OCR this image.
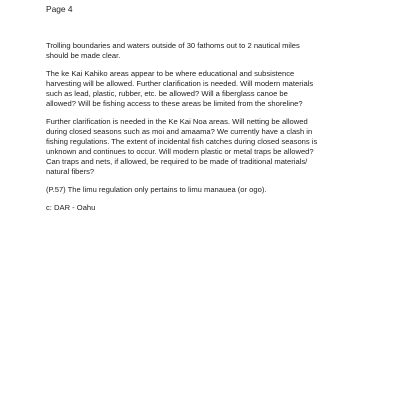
Page 4
Trolling boundaries and waters outside of 30 fathoms out to 2 nautical miles
should be made clear.
The ke Kai Kahiko areas appear to be where educational and subsistence
harvesting will be allowed. Further clarification is needed. Will modern materials
such as lead, plastic, rubber, etc. be allowed? Will a fiberglass canoe be
allowed? Will be fishing access to these areas be limited from the shoreline?
Further clarification is needed in the Ke Kai Noa areas. Will netting be allowed
during closed seasons such as moi and amaama? We currently have a clash in
fishing regulations. The extent of incidental fish catches during closed seasons is
unknown and continues to occur. Will modern plastic or metal traps be allowed?
Can traps and nets, if allowed, be required to be made of traditional materials/
natural fibers?
(P.57) The limu regulation only pertains to limu manauea (or ogo).
c: DAR - Oahu
